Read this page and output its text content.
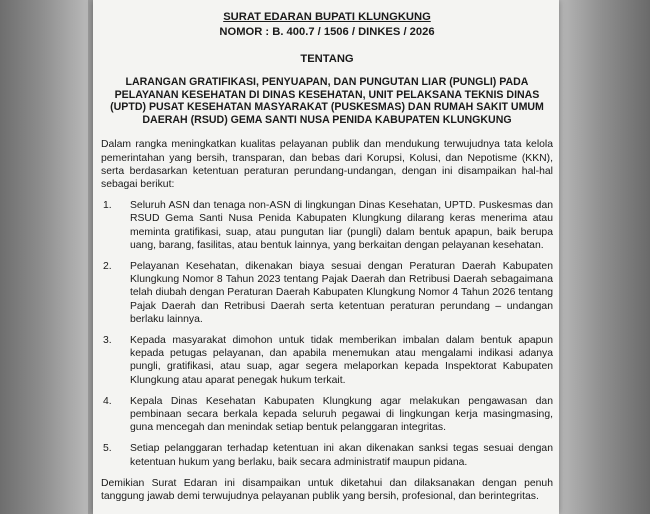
SURAT EDARAN BUPATI KLUNGKUNG
NOMOR : B. 400.7 / 1506 / DINKES / 2026
TENTANG
LARANGAN GRATIFIKASI, PENYUAPAN, DAN PUNGUTAN LIAR (PUNGLI) PADA PELAYANAN KESEHATAN DI DINAS KESEHATAN, UNIT PELAKSANA TEKNIS DINAS (UPTD) PUSAT KESEHATAN MASYARAKAT (PUSKESMAS) DAN RUMAH SAKIT UMUM DAERAH (RSUD) GEMA SANTI NUSA PENIDA KABUPATEN KLUNGKUNG
Dalam rangka meningkatkan kualitas pelayanan publik dan mendukung terwujudnya tata kelola pemerintahan yang bersih, transparan, dan bebas dari Korupsi, Kolusi, dan Nepotisme (KKN), serta berdasarkan ketentuan peraturan perundang-undangan, dengan ini disampaikan hal-hal sebagai berikut:
1. Seluruh ASN dan tenaga non-ASN di lingkungan Dinas Kesehatan, UPTD. Puskesmas dan RSUD Gema Santi Nusa Penida Kabupaten Klungkung dilarang keras menerima atau meminta gratifikasi, suap, atau pungutan liar (pungli) dalam bentuk apapun, baik berupa uang, barang, fasilitas, atau bentuk lainnya, yang berkaitan dengan pelayanan kesehatan.
2. Pelayanan Kesehatan, dikenakan biaya sesuai dengan Peraturan Daerah Kabupaten Klungkung Nomor 8 Tahun 2023 tentang Pajak Daerah dan Retribusi Daerah sebagaimana telah diubah dengan Peraturan Daerah Kabupaten Klungkung Nomor 4 Tahun 2026 tentang Pajak Daerah dan Retribusi Daerah serta ketentuan peraturan perundang – undangan berlaku lainnya.
3. Kepada masyarakat dimohon untuk tidak memberikan imbalan dalam bentuk apapun kepada petugas pelayanan, dan apabila menemukan atau mengalami indikasi adanya pungli, gratifikasi, atau suap, agar segera melaporkan kepada Inspektorat Kabupaten Klungkung atau aparat penegak hukum terkait.
4. Kepala Dinas Kesehatan Kabupaten Klungkung agar melakukan pengawasan dan pembinaan secara berkala kepada seluruh pegawai di lingkungan kerja masingmasing, guna mencegah dan menindak setiap bentuk pelanggaran integritas.
5. Setiap pelanggaran terhadap ketentuan ini akan dikenakan sanksi tegas sesuai dengan ketentuan hukum yang berlaku, baik secara administratif maupun pidana.
Demikian Surat Edaran ini disampaikan untuk diketahui dan dilaksanakan dengan penuh tanggung jawab demi terwujudnya pelayanan publik yang bersih, profesional, dan berintegritas.
